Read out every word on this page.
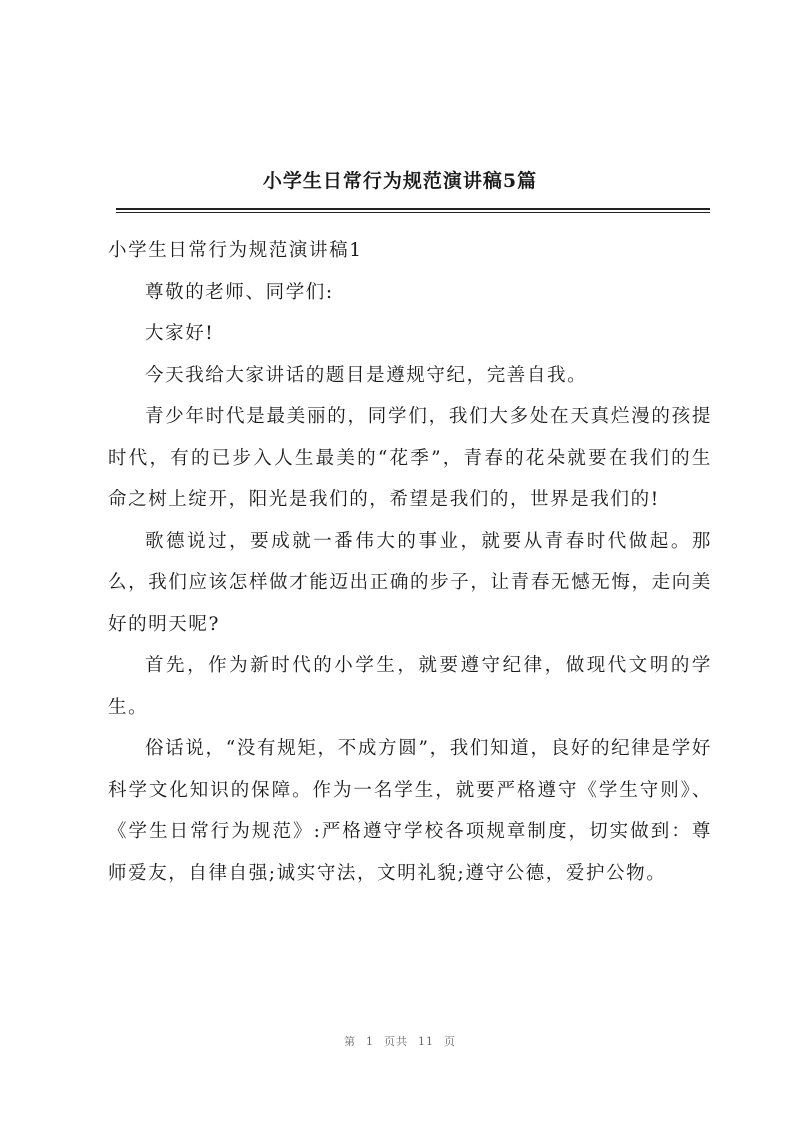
小学生日常行为规范演讲稿5篇
小学生日常行为规范演讲稿1

尊敬的老师、同学们:

大家好!

今天我给大家讲话的题目是遵规守纪，完善自我。

青少年时代是最美丽的，同学们，我们大多处在天真烂漫的孩提时代，有的已步入人生最美的“花季”，青春的花朵就要在我们的生命之树上绽开，阳光是我们的，希望是我们的，世界是我们的!

歌德说过，要成就一番伟大的事业，就要从青春时代做起。那么，我们应该怎样做才能迈出正确的步子，让青春无憾无悔，走向美好的明天呢?

首先，作为新时代的小学生，就要遵守纪律，做现代文明的学生。

俗话说，“没有规矩，不成方圆”，我们知道，良好的纪律是学好科学文化知识的保障。作为一名学生，就要严格遵守《学生守则》、《学生日常行为规范》:严格遵守学校各项规章制度，切实做到：尊师爱友，自律自强;诚实守法，文明礼貌;遵守公德，爱护公物。

第 1 页共 11 页
